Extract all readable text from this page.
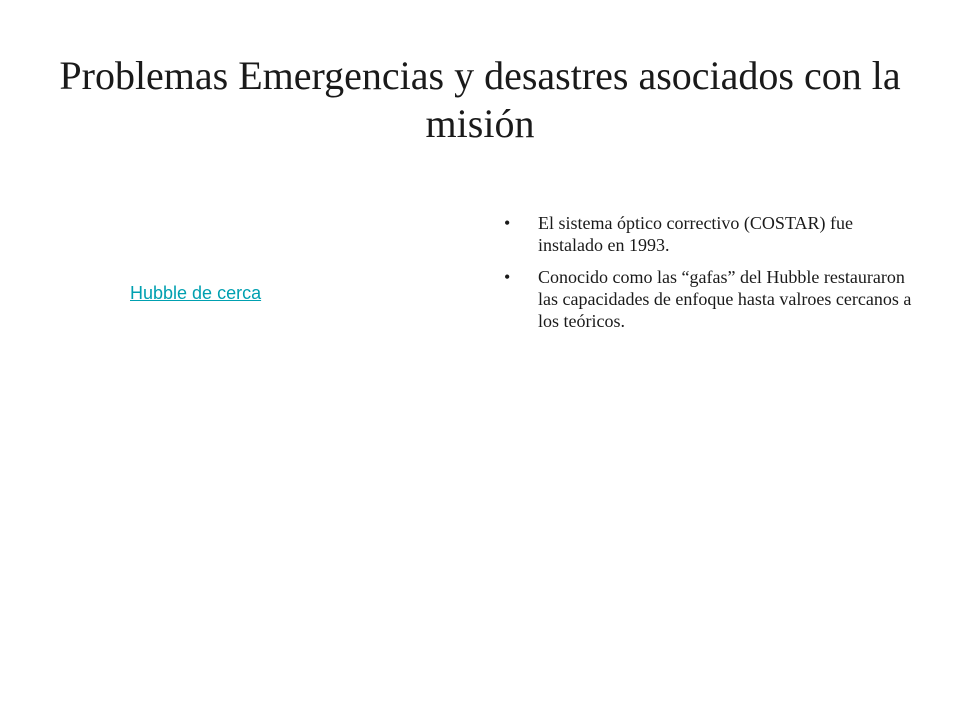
Problemas Emergencias y desastres asociados con la misión
Hubble de cerca
• El sistema óptico correctivo (COSTAR) fue instalado en 1993.
• Conocido como las “gafas” del Hubble restauraron las capacidades de enfoque hasta valroes cercanos a los teóricos.
